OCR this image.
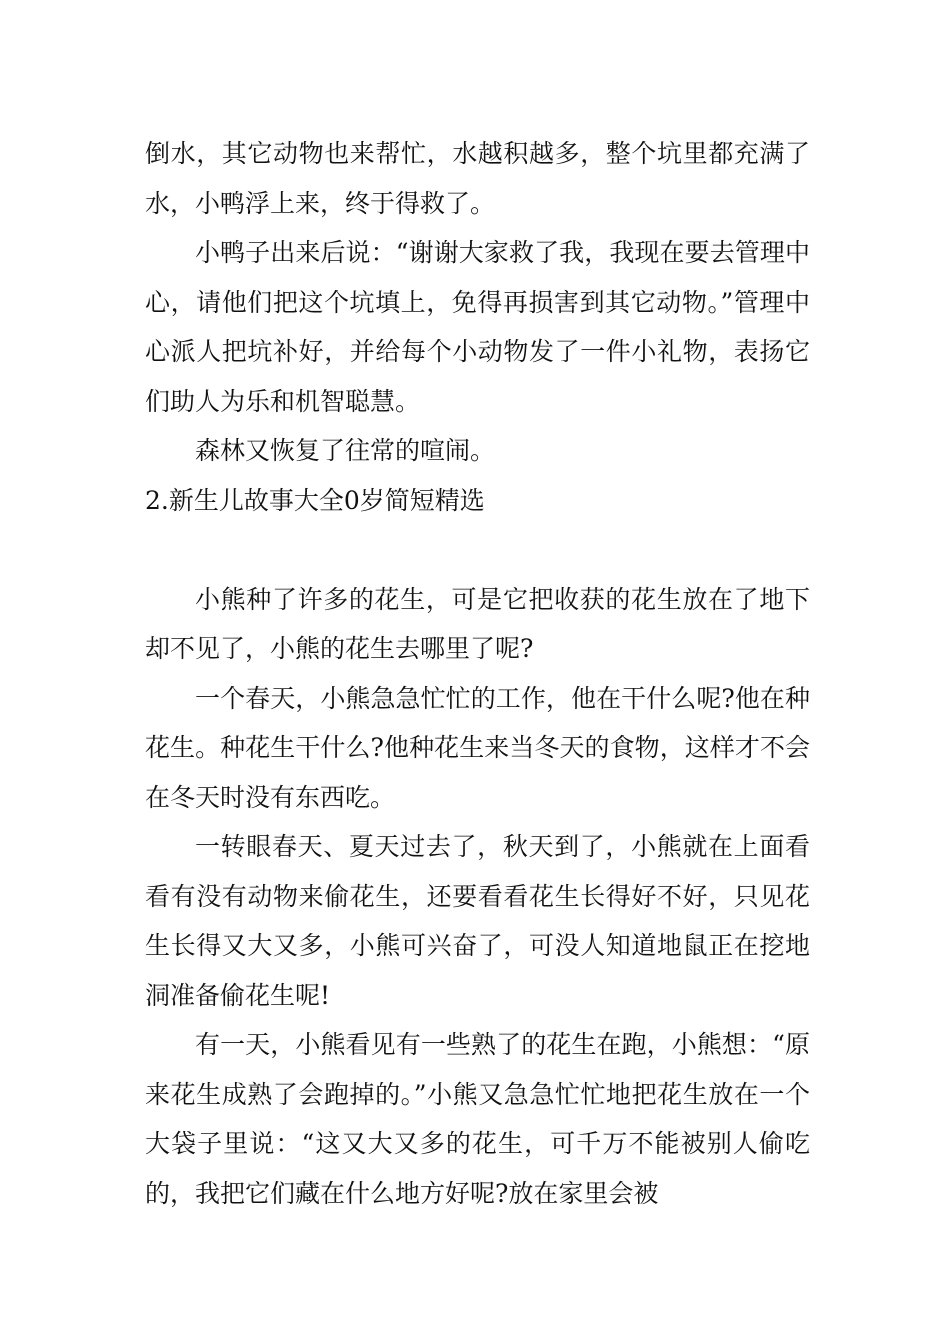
倒水，其它动物也来帮忙，水越积越多，整个坑里都充满了水，小鸭浮上来，终于得救了。

小鸭子出来后说：“谢谢大家救了我，我现在要去管理中心，请他们把这个坑填上，免得再损害到其它动物。”管理中心派人把坑补好，并给每个小动物发了一件小礼物，表扬它们助人为乐和机智聪慧。

森林又恢复了往常的喧闹。

2.新生儿故事大全0岁简短精选

小熊种了许多的花生，可是它把收获的花生放在了地下却不见了，小熊的花生去哪里了呢?

一个春天，小熊急急忙忙的工作，他在干什么呢?他在种花生。种花生干什么?他种花生来当冬天的食物，这样才不会在冬天时没有东西吃。

一转眼春天、夏天过去了，秋天到了，小熊就在上面看看有没有动物来偷花生，还要看看花生长得好不好，只见花生长得又大又多，小熊可兴奋了，可没人知道地鼠正在挖地洞准备偷花生呢!

有一天，小熊看见有一些熟了的花生在跑，小熊想：“原来花生成熟了会跑掉的。”小熊又急急忙忙地把花生放在一个大袋子里说：“这又大又多的花生，可千万不能被别人偷吃的，我把它们藏在什么地方好呢?放在家里会被
